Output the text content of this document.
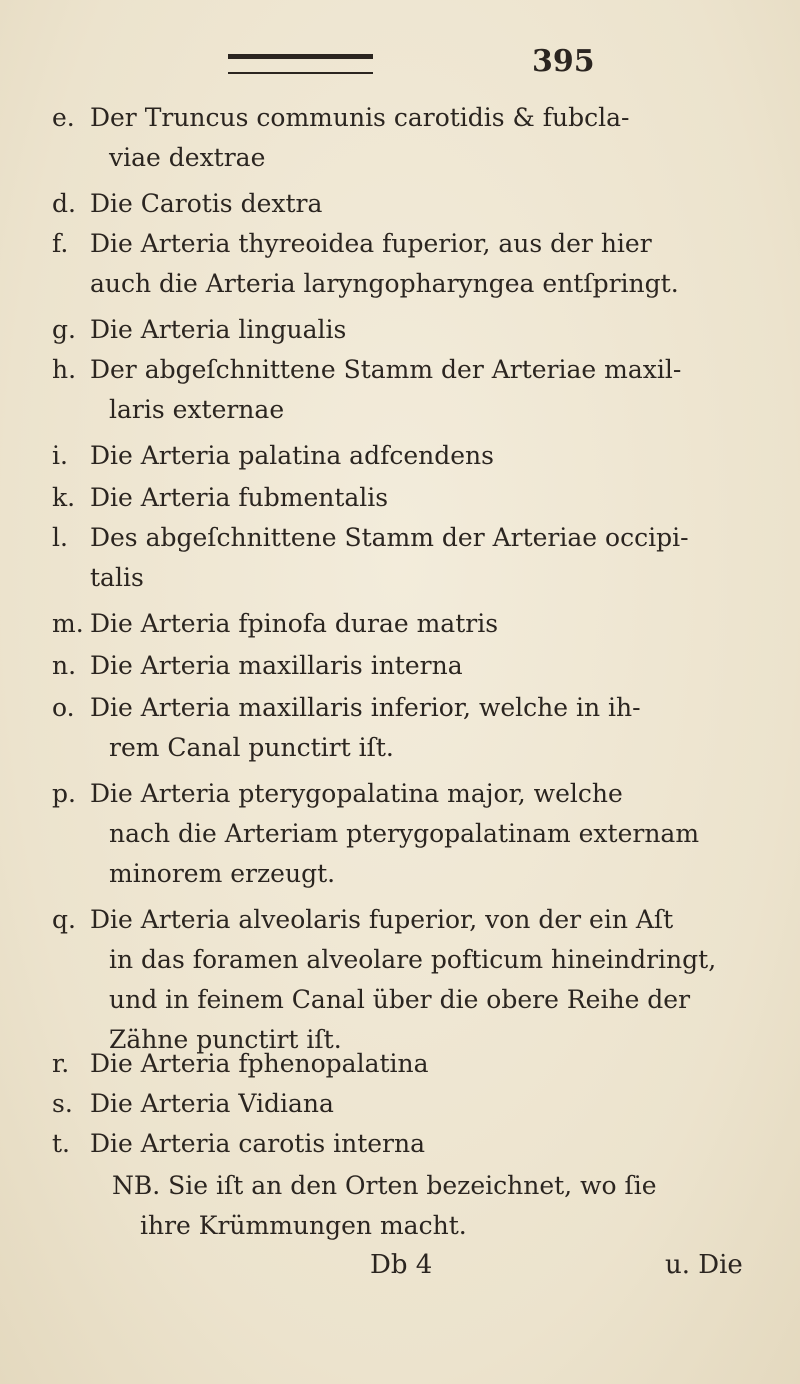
395
e. Der Truncus communis carotidis & fubcla-
viae dextrae
d. Die Carotis dextra
f. Die Arteria thyreoidea fuperior, aus der hier
auch die Arteria laryngopharyngea entſpringt.
g. Die Arteria lingualis
h. Der abgeſchnittene Stamm der Arteriae maxil-
laris externae
i. Die Arteria palatina adfcendens
k. Die Arteria fubmentalis
l. Des abgeſchnittene Stamm der Arteriae occipi-
talis
m. Die Arteria fpinofa durae matris
n. Die Arteria maxillaris interna
o. Die Arteria maxillaris inferior, welche in ih-
rem Canal punctirt iſt.
p. Die Arteria pterygopalatina major, welche
nach die Arteriam pterygopalatinam externam
minorem erzeugt.
q. Die Arteria alveolaris fuperior, von der ein Aſt
in das foramen alveolare pofticum hineindringt,
und in feinem Canal über die obere Reihe der
Zähne punctirt iſt.
r. Die Arteria fphenopalatina
s. Die Arteria Vidiana
t. Die Arteria carotis interna
NB. Sie iſt an den Orten bezeichnet, wo ſie
ihre Krümmungen macht.
Db 4	u. Die
